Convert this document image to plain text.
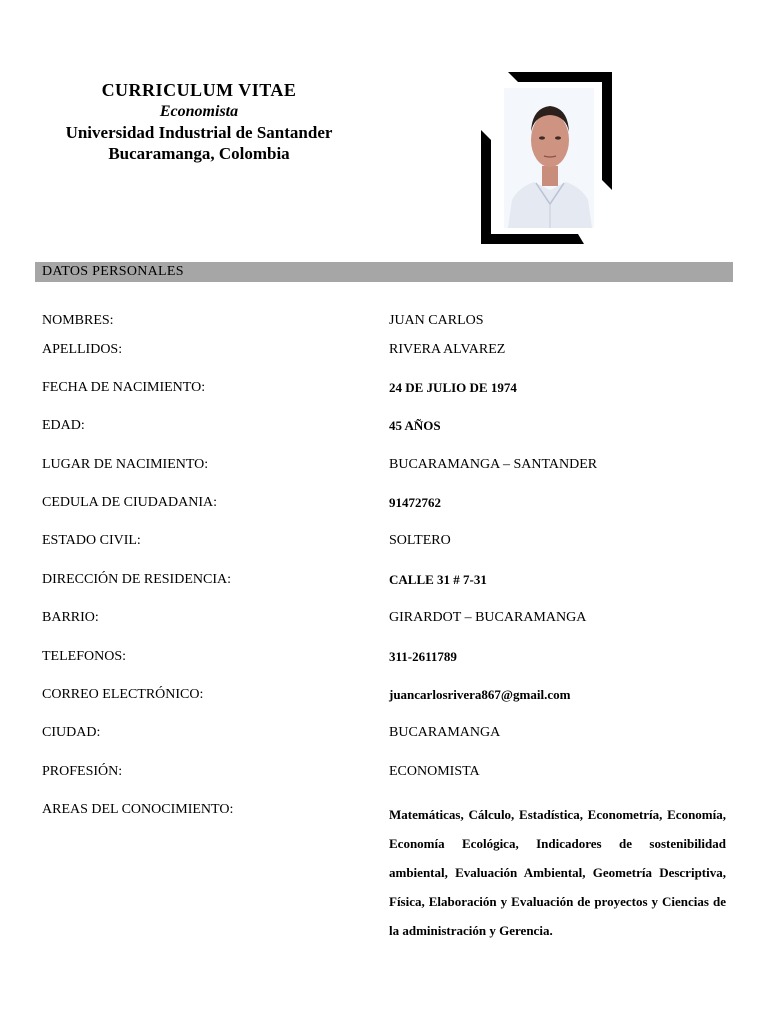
CURRICULUM VITAE
Economista
Universidad Industrial de Santander
Bucaramanga, Colombia
DATOS PERSONALES
NOMBRES:	JUAN CARLOS
APELLIDOS:	RIVERA ALVAREZ
FECHA DE NACIMIENTO:	24 DE JULIO DE 1974
EDAD:	45 AÑOS
LUGAR DE NACIMIENTO:	BUCARAMANGA – SANTANDER
CEDULA DE CIUDADANIA:	91472762
ESTADO CIVIL:	SOLTERO
DIRECCIÓN DE RESIDENCIA:	CALLE 31 # 7-31
BARRIO:	GIRARDOT – BUCARAMANGA
TELEFONOS:	311-2611789
CORREO ELECTRÓNICO:	juancarlosrivera867@gmail.com
CIUDAD:	BUCARAMANGA
PROFESIÓN:	ECONOMISTA
AREAS DEL CONOCIMIENTO:	Matemáticas, Cálculo, Estadística, Econometría, Economía, Economía Ecológica, Indicadores de sostenibilidad ambiental, Evaluación Ambiental, Geometría Descriptiva, Física, Elaboración y Evaluación de proyectos y Ciencias de la administración y Gerencia.
